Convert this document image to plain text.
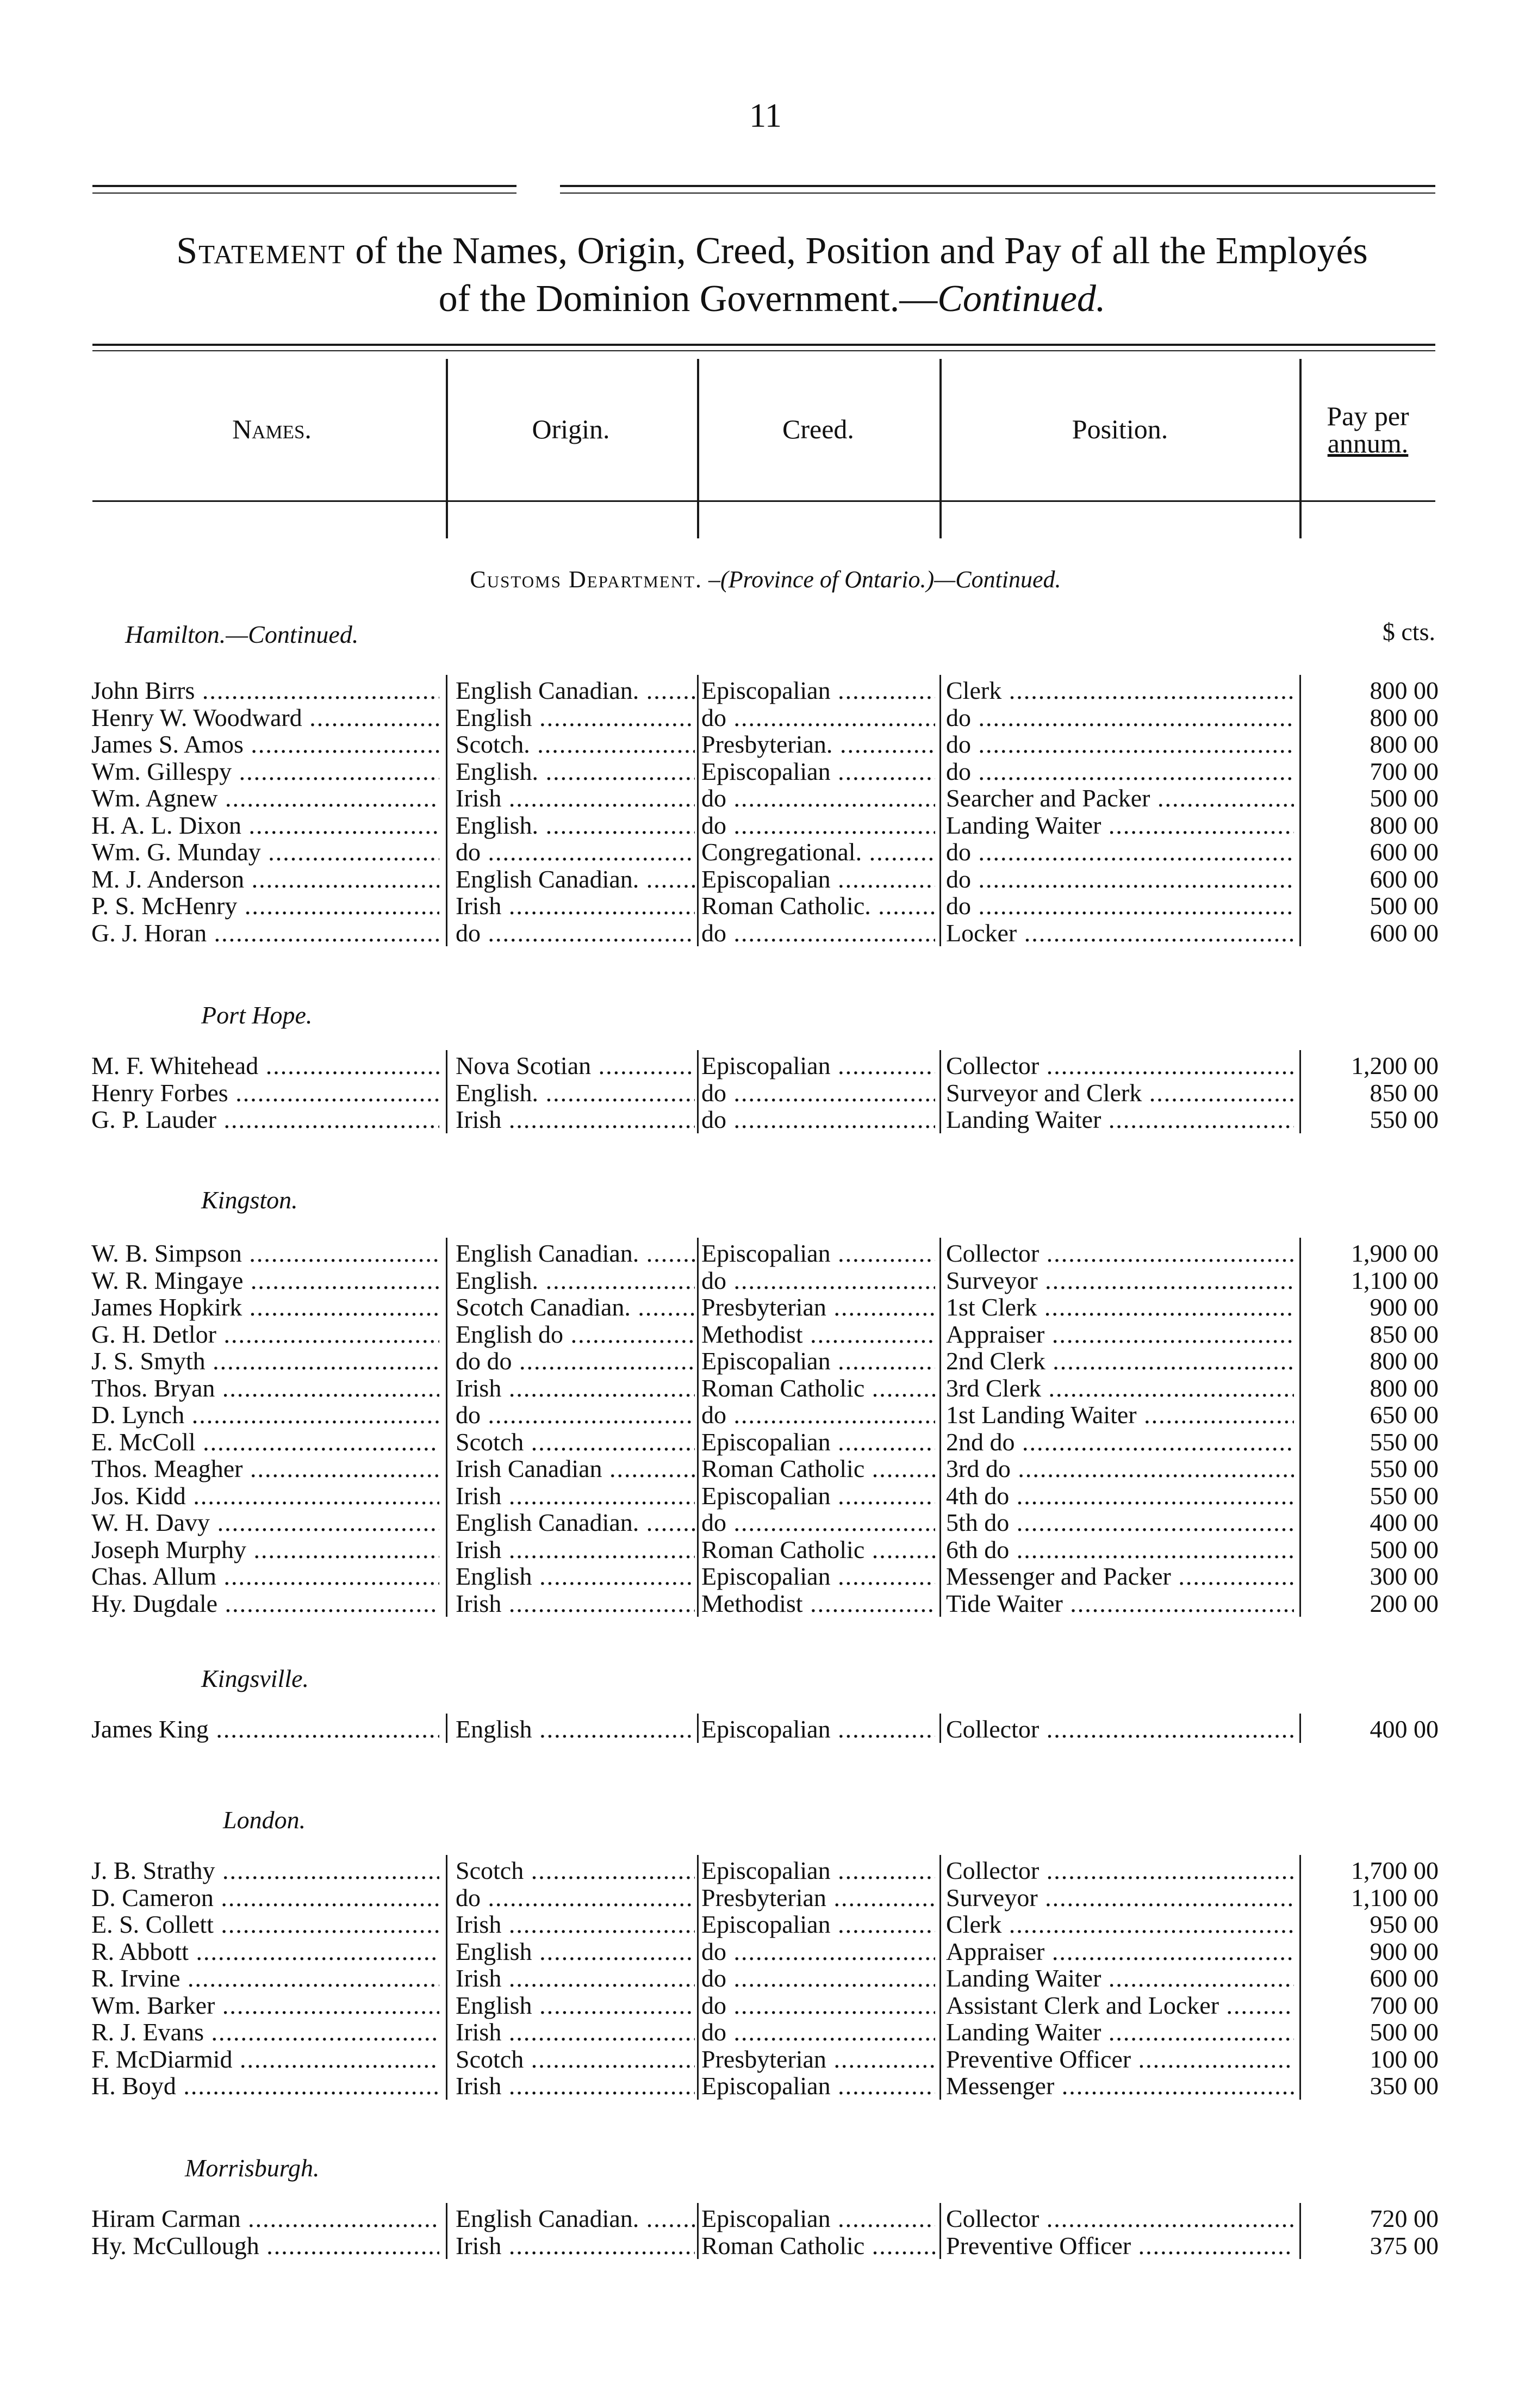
11
Statement of the Names, Origin, Creed, Position and Pay of all the Employés
of the Dominion Government.—Continued.
Names.	Origin.	Creed.	Position.	Pay per
annum.
Customs Department. –(Province of Ontario.)—Continued.
$ cts.
Hamilton.—Continued.
John Birrs .....	English Canadian. .....	Episcopalian .....	Clerk .....	800 00
Henry W. Woodward .....	English .....	do .....	do .....	800 00
James S. Amos .....	Scotch. .....	Presbyterian. .....	do .....	800 00
Wm. Gillespy .....	English. .....	Episcopalian .....	do .....	700 00
Wm. Agnew .....	Irish .....	do .....	Searcher and Packer .....	500 00
H. A. L. Dixon .....	English. .....	do .....	Landing Waiter .....	800 00
Wm. G. Munday .....	do .....	Congregational. .....	do .....	600 00
M. J. Anderson .....	English Canadian. .....	Episcopalian .....	do .....	600 00
P. S. McHenry .....	Irish .....	Roman Catholic. .....	do .....	500 00
G. J. Horan .....	do .....	do .....	Locker .....	600 00
Port Hope.
M. F. Whitehead .....	Nova Scotian .....	Episcopalian .....	Collector .....	1,200 00
Henry Forbes .....	English. .....	do .....	Surveyor and Clerk .....	850 00
G. P. Lauder .....	Irish .....	do .....	Landing Waiter .....	550 00
Kingston.
W. B. Simpson .....	English Canadian. .....	Episcopalian .....	Collector .....	1,900 00
W. R. Mingaye .....	English. .....	do .....	Surveyor .....	1,100 00
James Hopkirk .....	Scotch Canadian. .....	Presbyterian .....	1st Clerk .....	900 00
G. H. Detlor .....	English do .....	Methodist .....	Appraiser .....	850 00
J. S. Smyth .....	do do .....	Episcopalian .....	2nd Clerk .....	800 00
Thos. Bryan .....	Irish .....	Roman Catholic .....	3rd Clerk .....	800 00
D. Lynch .....	do .....	do .....	1st Landing Waiter .....	650 00
E. McColl .....	Scotch .....	Episcopalian .....	2nd do .....	550 00
Thos. Meagher .....	Irish Canadian .....	Roman Catholic .....	3rd do .....	550 00
Jos. Kidd .....	Irish .....	Episcopalian .....	4th do .....	550 00
W. H. Davy .....	English Canadian. .....	do .....	5th do .....	400 00
Joseph Murphy .....	Irish .....	Roman Catholic .....	6th do .....	500 00
Chas. Allum .....	English .....	Episcopalian .....	Messenger and Packer .....	300 00
Hy. Dugdale .....	Irish .....	Methodist .....	Tide Waiter .....	200 00
Kingsville.
James King .....	English .....	Episcopalian .....	Collector .....	400 00
London.
J. B. Strathy .....	Scotch .....	Episcopalian .....	Collector .....	1,700 00
D. Cameron .....	do .....	Presbyterian .....	Surveyor .....	1,100 00
E. S. Collett .....	Irish .....	Episcopalian .....	Clerk .....	950 00
R. Abbott .....	English .....	do .....	Appraiser .....	900 00
R. Irvine .....	Irish .....	do .....	Landing Waiter .....	600 00
Wm. Barker .....	English .....	do .....	Assistant Clerk and Locker .....	700 00
R. J. Evans .....	Irish .....	do .....	Landing Waiter .....	500 00
F. McDiarmid .....	Scotch .....	Presbyterian .....	Preventive Officer .....	100 00
H. Boyd .....	Irish .....	Episcopalian .....	Messenger .....	350 00
Morrisburgh.
Hiram Carman .....	English Canadian. .....	Episcopalian .....	Collector .....	720 00
Hy. McCullough .....	Irish .....	Roman Catholic .....	Preventive Officer .....	375 00
